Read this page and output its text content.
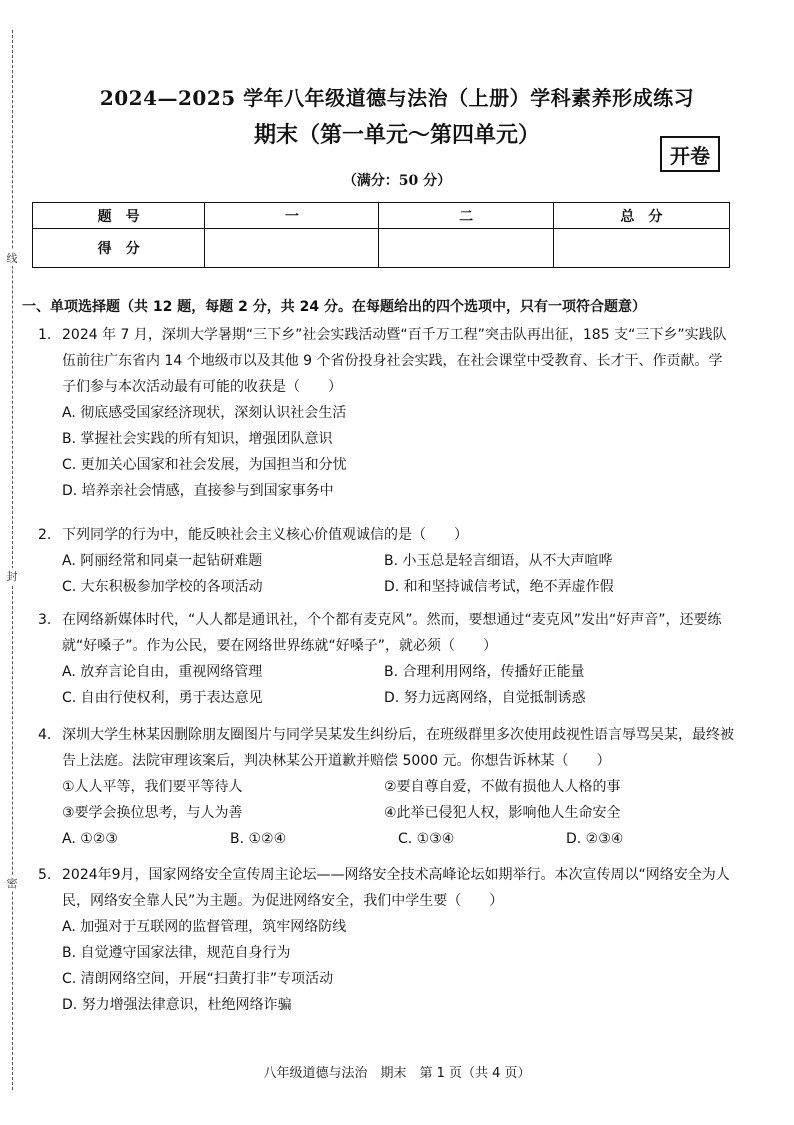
线
封
密
2024—2025 学年八年级道德与法治（上册）学科素养形成练习
期末（第一单元～第四单元）
开卷
（满分：50 分）
题　号	一	二	总　分
得　分			
一、单项选择题（共 12 题，每题 2 分，共 24 分。在每题给出的四个选项中，只有一项符合题意）
1. 2024 年 7 月，深圳大学暑期“三下乡”社会实践活动暨“百千万工程”突击队再出征，185 支“三下乡”实践队伍前往广东省内 14 个地级市以及其他 9 个省份投身社会实践，在社会课堂中受教育、长才干、作贡献。学子们参与本次活动最有可能的收获是（　　）
A. 彻底感受国家经济现状，深刻认识社会生活
B. 掌握社会实践的所有知识，增强团队意识
C. 更加关心国家和社会发展，为国担当和分忧
D. 培养亲社会情感，直接参与到国家事务中
2. 下列同学的行为中，能反映社会主义核心价值观诚信的是（　　）
A. 阿丽经常和同桌一起钻研难题	B. 小玉总是轻言细语，从不大声喧哗
C. 大东积极参加学校的各项活动	D. 和和坚持诚信考试，绝不弄虚作假
3. 在网络新媒体时代，“人人都是通讯社，个个都有麦克风”。然而，要想通过“麦克风”发出“好声音”，还要练就“好嗓子”。作为公民，要在网络世界练就“好嗓子”，就必须（　　）
A. 放弃言论自由，重视网络管理	B. 合理利用网络，传播好正能量
C. 自由行使权利，勇于表达意见	D. 努力远离网络，自觉抵制诱惑
4. 深圳大学生林某因删除朋友圈图片与同学吴某发生纠纷后，在班级群里多次使用歧视性语言辱骂吴某，最终被告上法庭。法院审理该案后，判决林某公开道歉并赔偿 5000 元。你想告诉林某（　　）
①人人平等，我们要平等待人	②要自尊自爱，不做有损他人人格的事
③要学会换位思考，与人为善	④此举已侵犯人权，影响他人生命安全
A. ①②③	B. ①②④	C. ①③④	D. ②③④
5. 2024年9月，国家网络安全宣传周主论坛——网络安全技术高峰论坛如期举行。本次宣传周以“网络安全为人民，网络安全靠人民”为主题。为促进网络安全，我们中学生要（　　）
A. 加强对于互联网的监督管理，筑牢网络防线
B. 自觉遵守国家法律，规范自身行为
C. 清朗网络空间，开展“扫黄打非”专项活动
D. 努力增强法律意识，杜绝网络诈骗
八年级道德与法治　期末　第 1 页（共 4 页）
